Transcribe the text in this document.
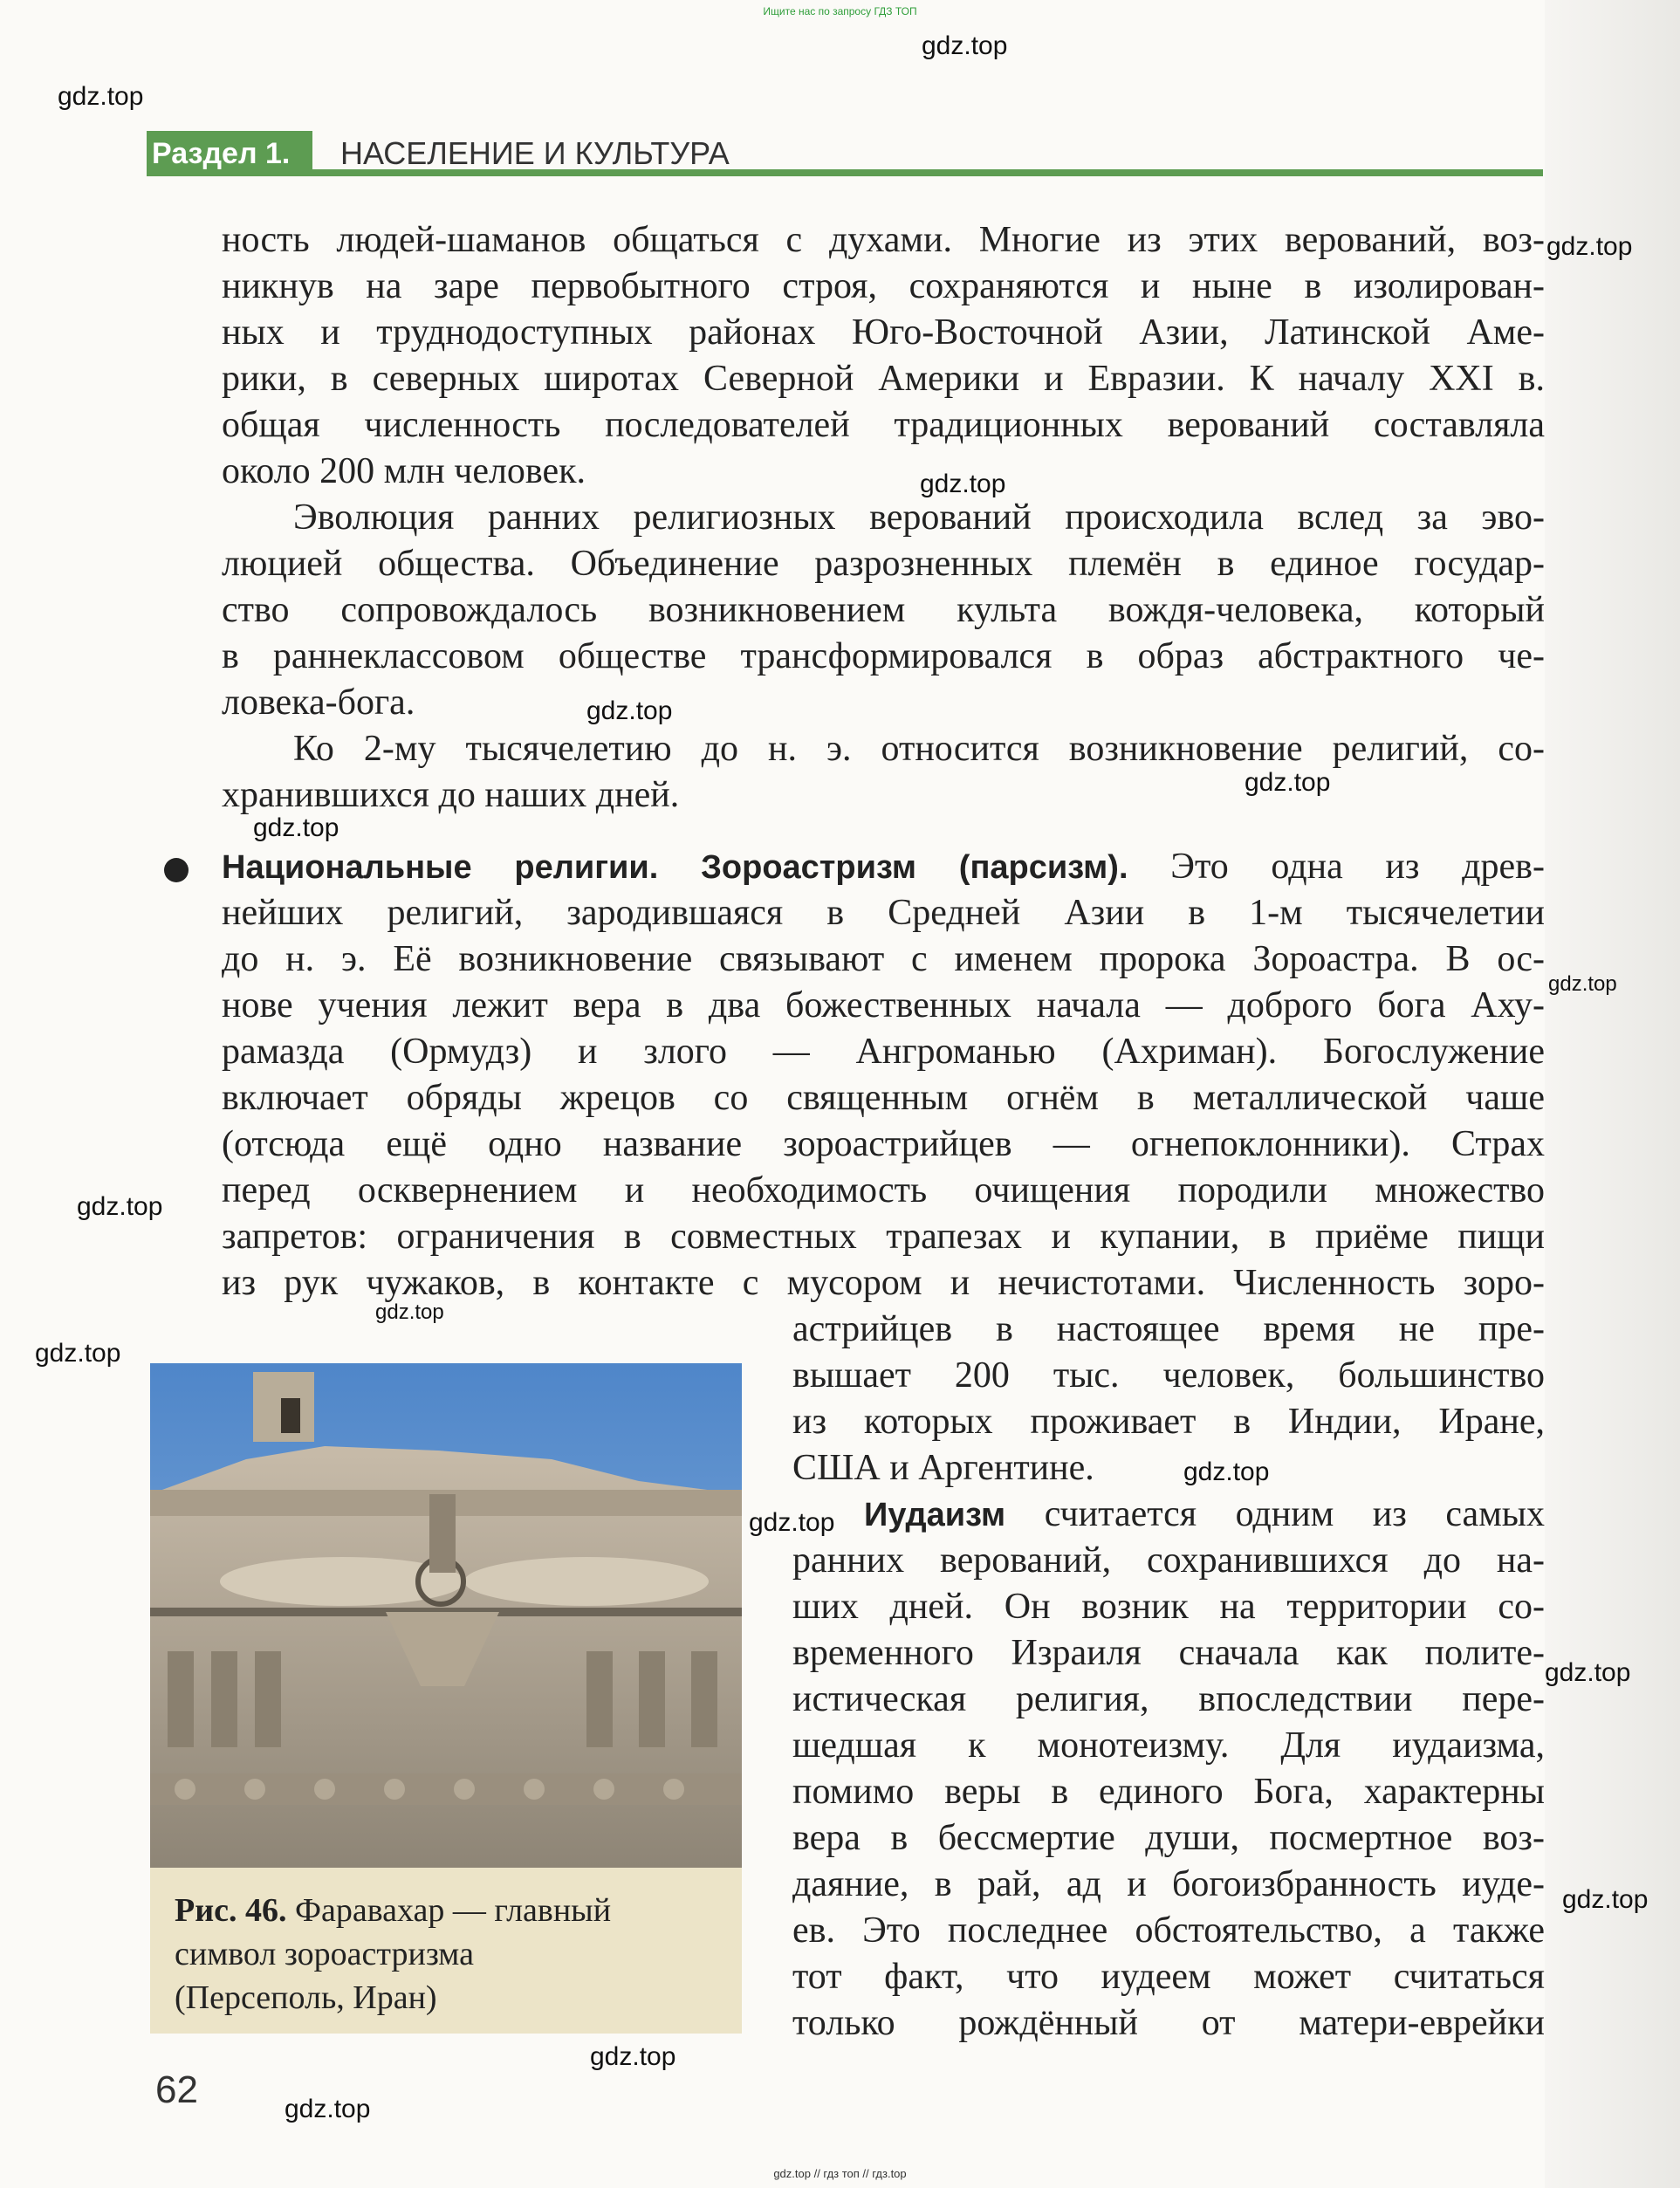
Ищите нас по запросу ГДЗ ТОП
gdz.top
gdz.top
gdz.top
gdz.top
gdz.top
gdz.top
gdz.top
gdz.top
gdz.top
gdz.top
gdz.top
gdz.top
gdz.top
gdz.top
gdz.top
gdz.top
gdz.top
Раздел 1.	НАСЕЛЕНИЕ И КУЛЬТУРА
ность людей-шаманов общаться с духами. Многие из этих верований, воз-
никнув на заре первобытного строя, сохраняются и ныне в изолирован-
ных и труднодоступных районах Юго-Восточной Азии, Латинской Аме-
рики, в северных широтах Северной Америки и Евразии. К началу XXI в.
общая численность последователей традиционных верований составляла
около 200 млн человек.
Эволюция ранних религиозных верований происходила вслед за эво-
люцией общества. Объединение разрозненных племён в единое государ-
ство сопровождалось возникновением культа вождя-человека, который
в раннеклассовом обществе трансформировался в образ абстрактного че-
ловека-бога.
Ко 2-му тысячелетию до н. э. относится возникновение религий, со-
хранившихся до наших дней.
Национальные религии. Зороастризм (парсизм). Это одна из древ-
нейших религий, зародившаяся в Средней Азии в 1-м тысячелетии
до н. э. Её возникновение связывают с именем пророка Зороастра. В ос-
нове учения лежит вера в два божественных начала — доброго бога Аху-
рамазда (Ормудз) и злого — Ангроманью (Ахриман). Богослужение
включает обряды жрецов со священным огнём в металлической чаше
(отсюда ещё одно название зороастрийцев — огнепоклонники). Страх
перед осквернением и необходимость очищения породили множество
запретов: ограничения в совместных трапезах и купании, в приёме пищи
из рук чужаков, в контакте с мусором и нечистотами. Численность зоро-
астрийцев в настоящее время не пре-
вышает 200 тыс. человек, большинство
из которых проживает в Индии, Иране,
США и Аргентине.
Иудаизм считается одним из самых
ранних верований, сохранившихся до на-
ших дней. Он возник на территории со-
временного Израиля сначала как полите-
истическая религия, впоследствии пере-
шедшая к монотеизму. Для иудаизма,
помимо веры в единого Бога, характерны
вера в бессмертие души, посмертное воз-
даяние, в рай, ад и богоизбранность иуде-
ев. Это последнее обстоятельство, а также
тот факт, что иудеем может считаться
только рождённый от матери-еврейки
Рис. 46. Фаравахар — главный
символ зороастризма
(Персеполь, Иран)
62
gdz.top // гдз топ // гдз.top
